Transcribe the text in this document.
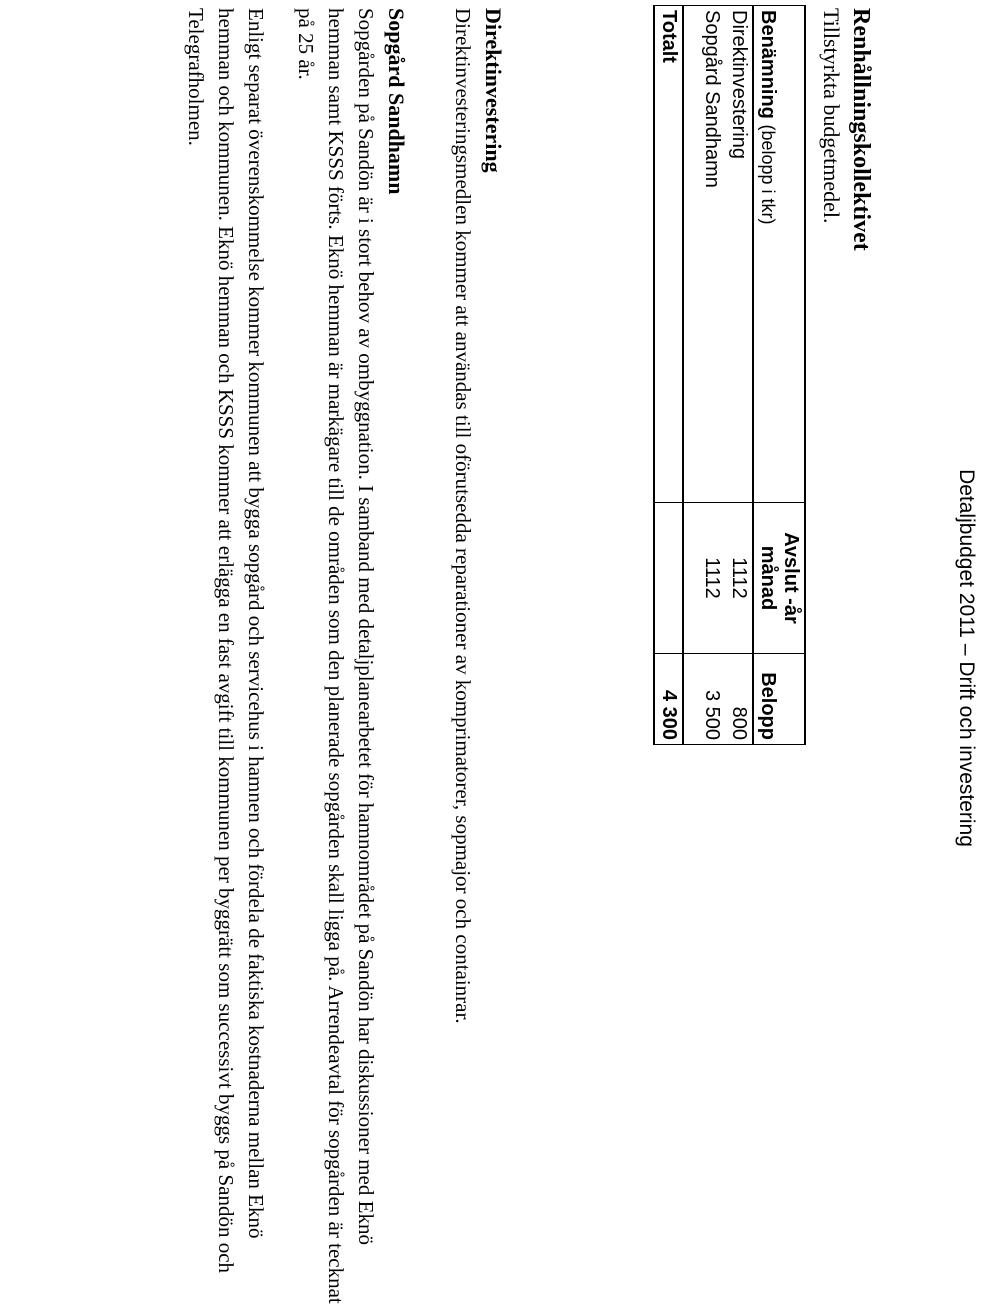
Detaljbudget 2011 – Drift och investering
Renhållningskollektivet
Tillstyrkta budgetmedel.
Benämning (belopp i tkr)	Avslut -år månad	Belopp
Direktinvestering	1112	800
Sopgård Sandhamn	1112	3 500

Totalt		4 300
Direktinvestering
Direktinvesteringsmedlen kommer att användas till oförutsedda reparationer av komprimatorer, sopmajor och containrar.
Sopgård Sandhamn
Sopgården på Sandön är i stort behov av ombyggnation. I samband med detaljplanearbetet för hamnområdet på Sandön har diskussioner med Eknö hemman samt KSSS förts. Eknö hemman är markägare till de områden som den planerade sopgården skall ligga på. Arrendeavtal för sopgården är tecknat på 25 år.
Enligt separat överenskommelse kommer kommunen att bygga sopgård och servicehus i hamnen och fördela de faktiska kostnaderna mellan Eknö hemman och kommunen. Eknö hemman och KSSS kommer att erlägga en fast avgift till kommunen per byggrätt som successivt byggs på Sandön och Telegrafholmen.
